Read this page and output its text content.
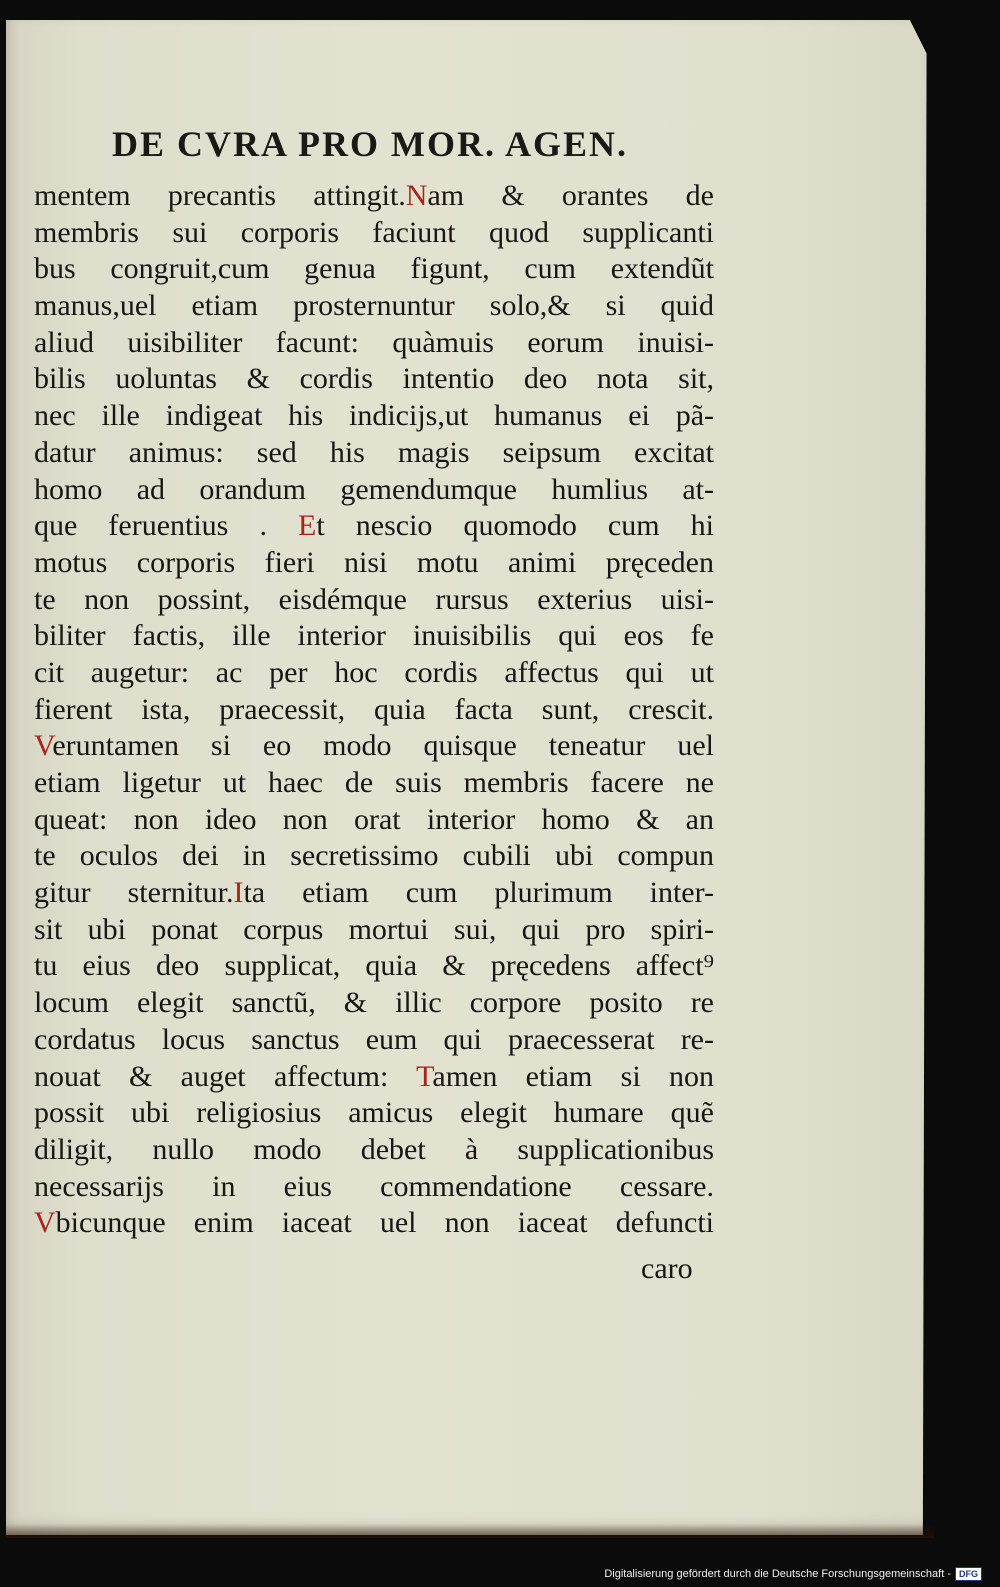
DE CVRA PRO MOR. AGEN.
mentem precantis attingit.Nam & orantes de
membris sui corporis faciunt quod supplicanti
bus congruit,cum genua figunt, cum extendũt
manus,uel etiam prosternuntur solo,& si quid
aliud uisibiliter facunt: quàmuis eorum inuisi-
bilis uoluntas & cordis intentio deo nota sit,
nec ille indigeat his indicijs,ut humanus ei pã-
datur animus: sed his magis seipsum excitat
homo ad orandum gemendumque humlius at-
que feruentius . Et nescio quomodo cum hi
motus corporis fieri nisi motu animi pręceden
te non possint, eisdémque rursus exterius uisi-
biliter factis, ille interior inuisibilis qui eos fe
cit augetur: ac per hoc cordis affectus qui ut
fierent ista, praecessit, quia facta sunt, crescit.
Veruntamen si eo modo quisque teneatur uel
etiam ligetur ut haec de suis membris facere ne
queat: non ideo non orat interior homo & an
te oculos dei in secretissimo cubili ubi compun
gitur sternitur.Ita etiam cum plurimum inter-
sit ubi ponat corpus mortui sui, qui pro spiri-
tu eius deo supplicat, quia & pręcedens affect⁹
locum elegit sanctũ, & illic corpore posito re
cordatus locus sanctus eum qui praecesserat re-
nouat & auget affectum: Tamen etiam si non
possit ubi religiosius amicus elegit humare quẽ
diligit, nullo modo debet à supplicationibus
necessarijs in eius commendatione cessare.
Vbicunque enim iaceat uel non iaceat defuncti
caro
Digitalisierung gefördert durch die Deutsche Forschungsgemeinschaft - DFG
